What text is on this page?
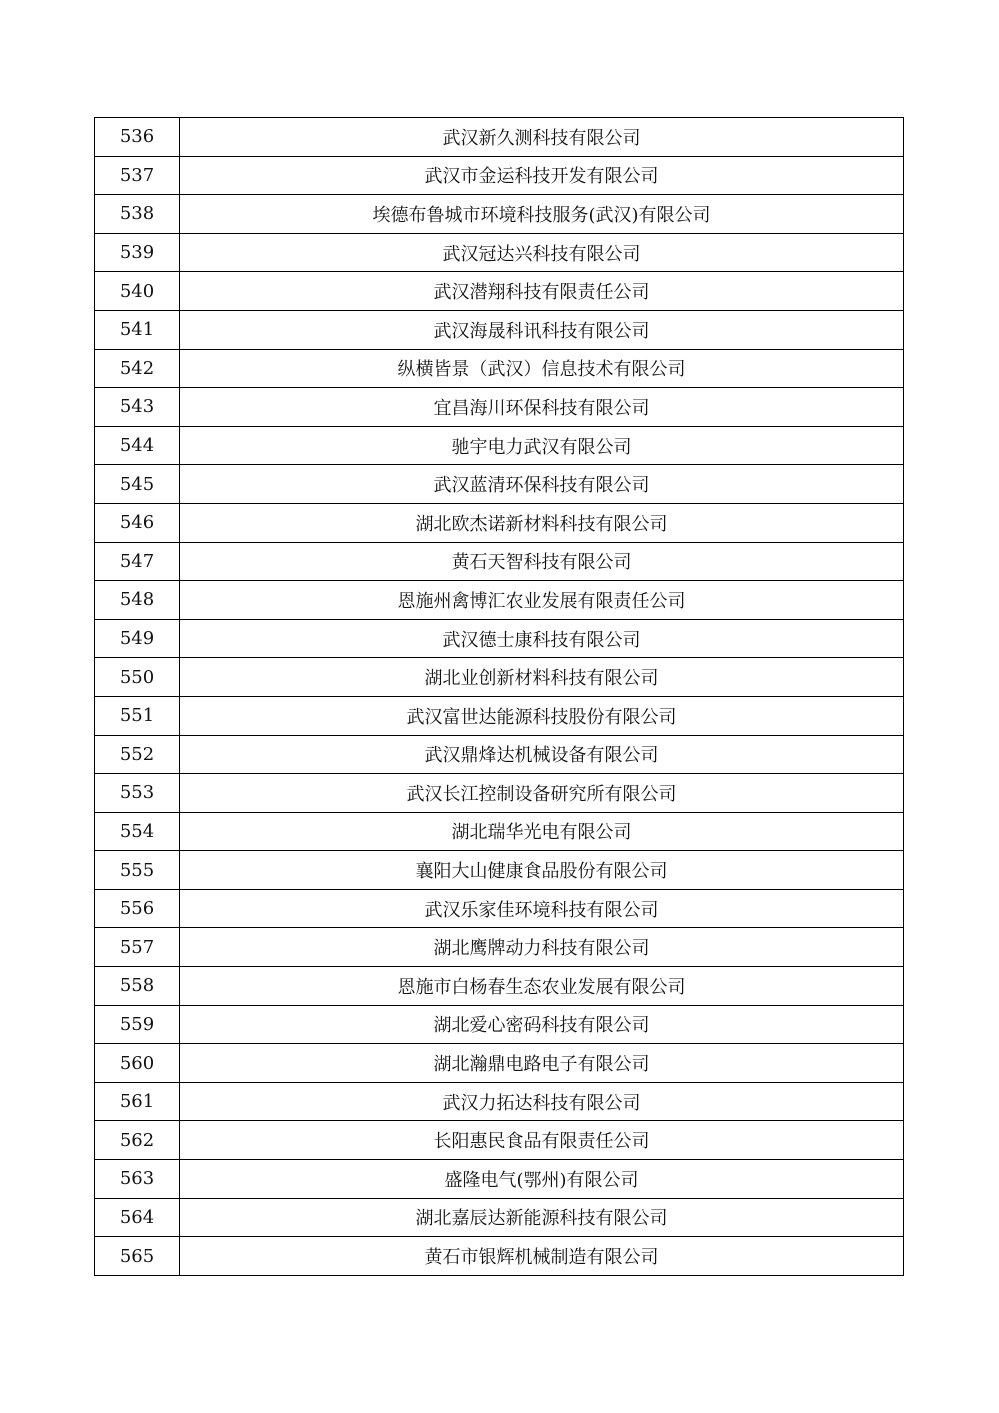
536	武汉新久测科技有限公司
537	武汉市金运科技开发有限公司
538	埃德布鲁城市环境科技服务(武汉)有限公司
539	武汉冠达兴科技有限公司
540	武汉潜翔科技有限责任公司
541	武汉海晟科讯科技有限公司
542	纵横皆景（武汉）信息技术有限公司
543	宜昌海川环保科技有限公司
544	驰宇电力武汉有限公司
545	武汉蓝清环保科技有限公司
546	湖北欧杰诺新材料科技有限公司
547	黄石天智科技有限公司
548	恩施州禽博汇农业发展有限责任公司
549	武汉德士康科技有限公司
550	湖北业创新材料科技有限公司
551	武汉富世达能源科技股份有限公司
552	武汉鼎烽达机械设备有限公司
553	武汉长江控制设备研究所有限公司
554	湖北瑞华光电有限公司
555	襄阳大山健康食品股份有限公司
556	武汉乐家佳环境科技有限公司
557	湖北鹰牌动力科技有限公司
558	恩施市白杨春生态农业发展有限公司
559	湖北爱心密码科技有限公司
560	湖北瀚鼎电路电子有限公司
561	武汉力拓达科技有限公司
562	长阳惠民食品有限责任公司
563	盛隆电气(鄂州)有限公司
564	湖北嘉辰达新能源科技有限公司
565	黄石市银辉机械制造有限公司
